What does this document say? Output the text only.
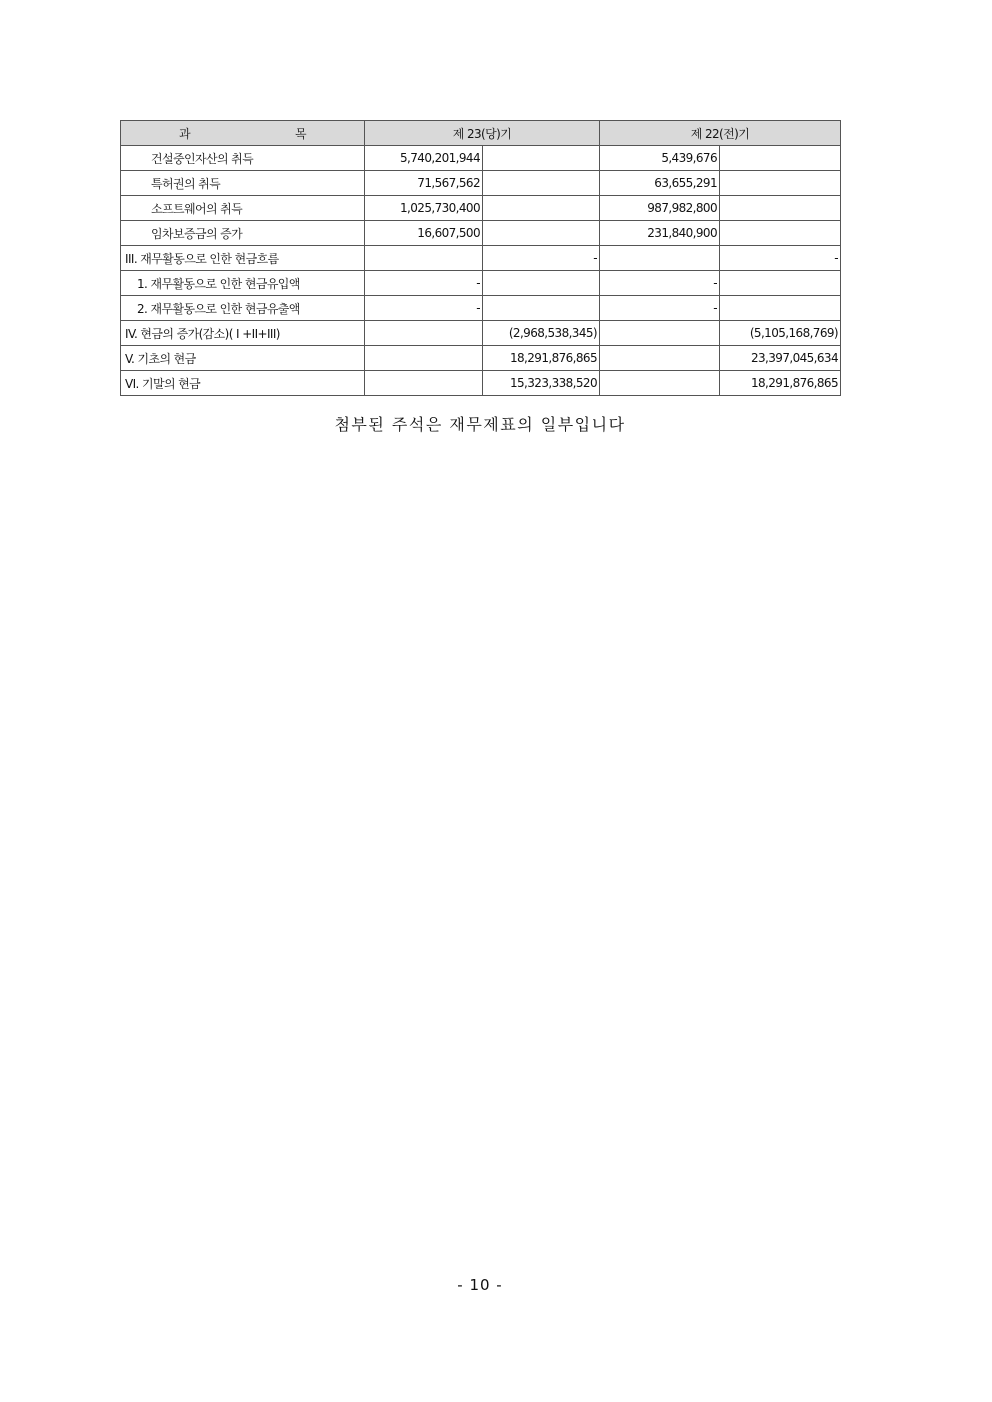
과 목	제 23(당)기		제 22(전)기	
건설중인자산의 취득	5,740,201,944		5,439,676	
특허권의 취득	71,567,562		63,655,291	
소프트웨어의 취득	1,025,730,400		987,982,800	
임차보증금의 증가	16,607,500		231,840,900	
III. 재무활동으로 인한 현금흐름		-		-
1. 재무활동으로 인한 현금유입액	-		-	
2. 재무활동으로 인한 현금유출액	-		-	
IV. 현금의 증가(감소)( I +II+III)		(2,968,538,345)		(5,105,168,769)
V. 기초의 현금		18,291,876,865		23,397,045,634
VI. 기말의 현금		15,323,338,520		18,291,876,865
첨부된 주석은 재무제표의 일부입니다
- 10 -
